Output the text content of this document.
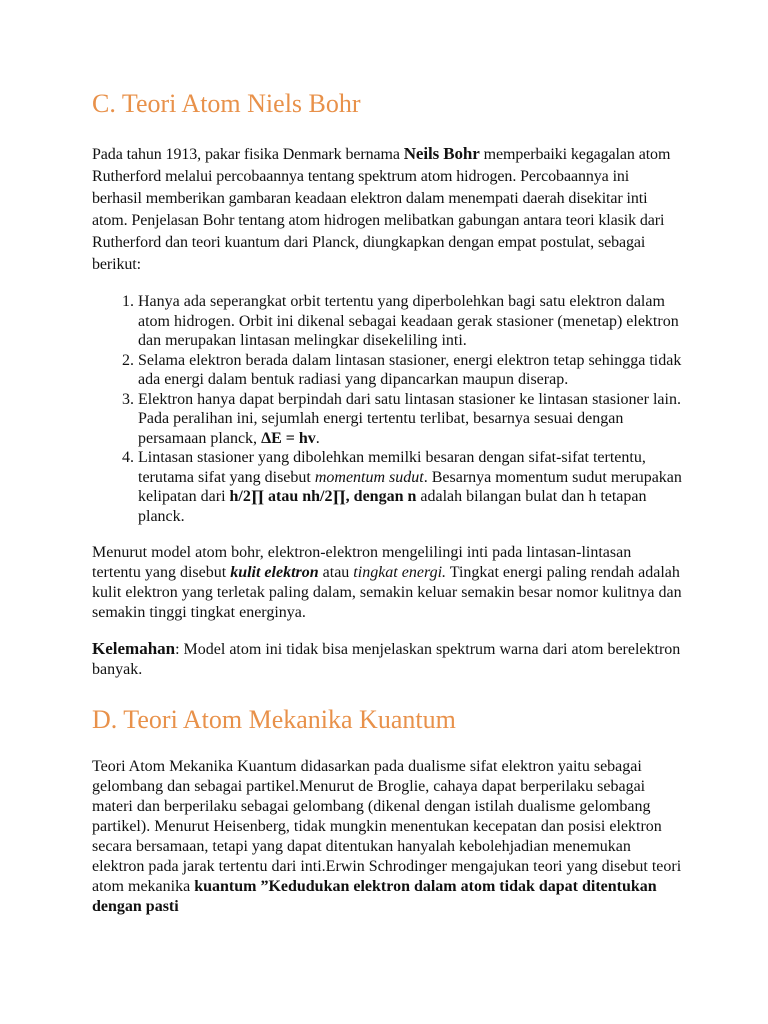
C. Teori Atom Niels Bohr

Pada tahun 1913, pakar fisika Denmark bernama Neils Bohr memperbaiki kegagalan atom Rutherford melalui percobaannya tentang spektrum atom hidrogen. Percobaannya ini berhasil memberikan gambaran keadaan elektron dalam menempati daerah disekitar inti atom. Penjelasan Bohr tentang atom hidrogen melibatkan gabungan antara teori klasik dari Rutherford dan teori kuantum dari Planck, diungkapkan dengan empat postulat, sebagai berikut:

1. Hanya ada seperangkat orbit tertentu yang diperbolehkan bagi satu elektron dalam atom hidrogen. Orbit ini dikenal sebagai keadaan gerak stasioner (menetap) elektron dan merupakan lintasan melingkar disekeliling inti.
2. Selama elektron berada dalam lintasan stasioner, energi elektron tetap sehingga tidak ada energi dalam bentuk radiasi yang dipancarkan maupun diserap.
3. Elektron hanya dapat berpindah dari satu lintasan stasioner ke lintasan stasioner lain. Pada peralihan ini, sejumlah energi tertentu terlibat, besarnya sesuai dengan persamaan planck, ΔE = hv.
4. Lintasan stasioner yang dibolehkan memilki besaran dengan sifat-sifat tertentu, terutama sifat yang disebut momentum sudut. Besarnya momentum sudut merupakan kelipatan dari h/2∏ atau nh/2∏, dengan n adalah bilangan bulat dan h tetapan planck.

Menurut model atom bohr, elektron-elektron mengelilingi inti pada lintasan-lintasan tertentu yang disebut kulit elektron atau tingkat energi. Tingkat energi paling rendah adalah kulit elektron yang terletak paling dalam, semakin keluar semakin besar nomor kulitnya dan semakin tinggi tingkat energinya.

Kelemahan: Model atom ini tidak bisa menjelaskan spektrum warna dari atom berelektron banyak.

D. Teori Atom Mekanika Kuantum

Teori Atom Mekanika Kuantum didasarkan pada dualisme sifat elektron yaitu sebagai gelombang dan sebagai partikel.Menurut de Broglie, cahaya dapat berperilaku sebagai materi dan berperilaku sebagai gelombang (dikenal dengan istilah dualisme gelombang partikel). Menurut Heisenberg, tidak mungkin menentukan kecepatan dan posisi elektron secara bersamaan, tetapi yang dapat ditentukan hanyalah kebolehjadian menemukan elektron pada jarak tertentu dari inti.Erwin Schrodinger mengajukan teori yang disebut teori atom mekanika kuantum ”Kedudukan elektron dalam atom tidak dapat ditentukan dengan pasti
